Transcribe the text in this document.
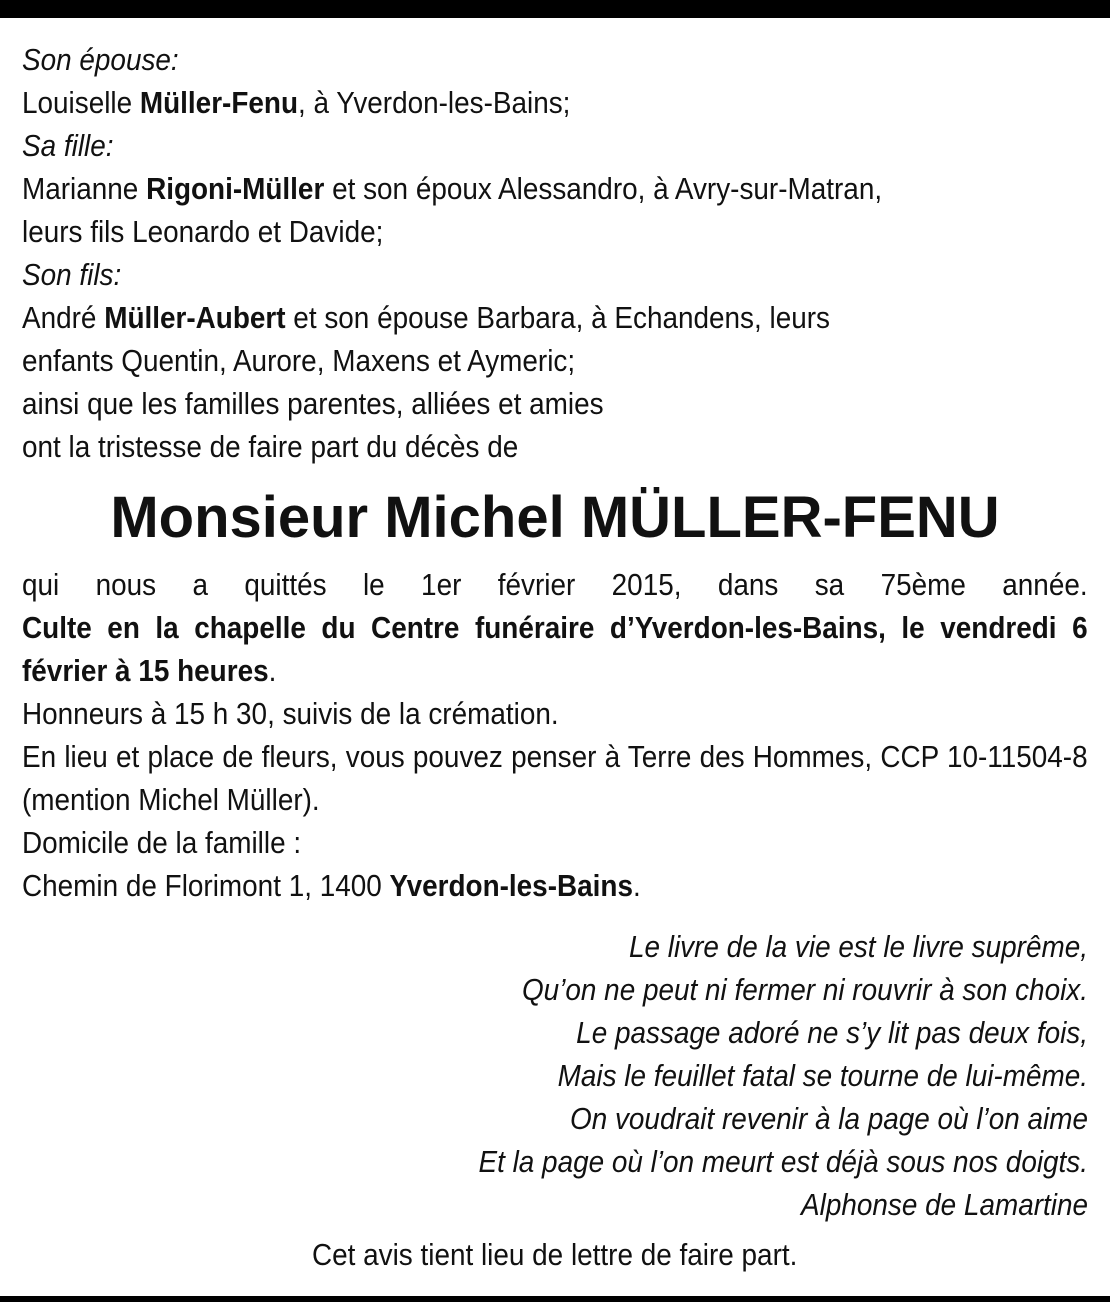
Son épouse:
Louiselle Müller-Fenu, à Yverdon-les-Bains;
Sa fille:
Marianne Rigoni-Müller et son époux Alessandro, à Avry-sur-Matran,
leurs fils Leonardo et Davide;
Son fils:
André Müller-Aubert et son épouse Barbara, à Echandens, leurs
enfants Quentin, Aurore, Maxens et Aymeric;
ainsi que les familles parentes, alliées et amies
ont la tristesse de faire part du décès de
Monsieur Michel MÜLLER-FENU
qui nous a quittés le 1er février 2015, dans sa 75ème année.
Culte en la chapelle du Centre funéraire d’Yverdon-les-Bains, le vendredi 6 février à 15 heures.
Honneurs à 15 h 30, suivis de la crémation.
En lieu et place de fleurs, vous pouvez penser à Terre des Hommes, CCP 10-11504-8 (mention Michel Müller).
Domicile de la famille :
Chemin de Florimont 1, 1400 Yverdon-les-Bains.
Le livre de la vie est le livre suprême,
Qu’on ne peut ni fermer ni rouvrir à son choix.
Le passage adoré ne s’y lit pas deux fois,
Mais le feuillet fatal se tourne de lui-même.
On voudrait revenir à la page où l’on aime
Et la page où l’on meurt est déjà sous nos doigts.
Alphonse de Lamartine
Cet avis tient lieu de lettre de faire part.
